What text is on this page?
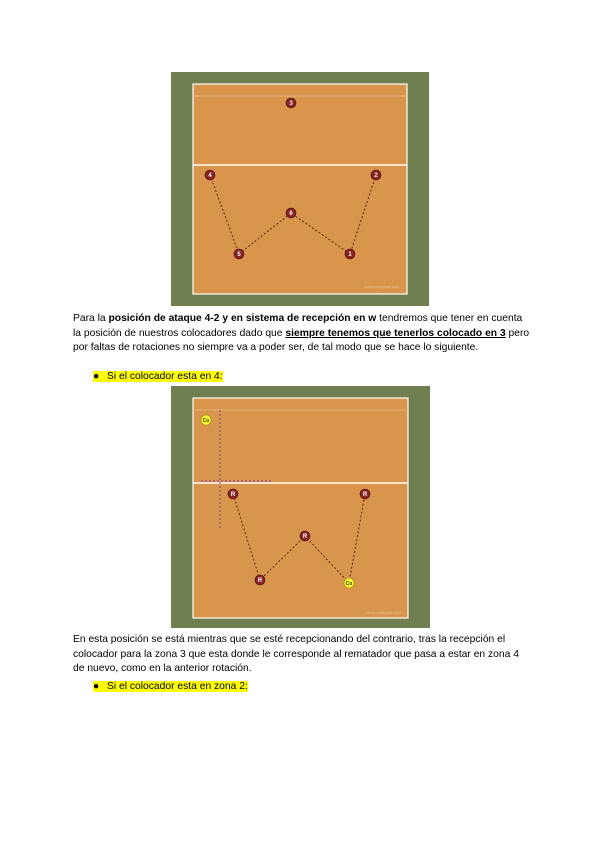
3
4	2
6
5	1
www.volleyball.com

Para la posición de ataque 4-2 y en sistema de recepción en w tendremos que tener en cuenta la posición de nuestros colocadores dado que siempre tenemos que tenerlos colocado en 3 pero por faltas de rotaciones no siempre va a poder ser, de tal modo que se hace lo siguiente.

● Si el colocador esta en 4:
Co
R	R
R
R	Co
www.volleyball.com

En esta posición se está mientras que se esté recepcionando del contrario, tras la recepción el colocador para la zona 3 que esta donde le corresponde al rematador que pasa a estar en zona 4 de nuevo, como en la anterior rotación.

● Si el colocador esta en zona 2:
